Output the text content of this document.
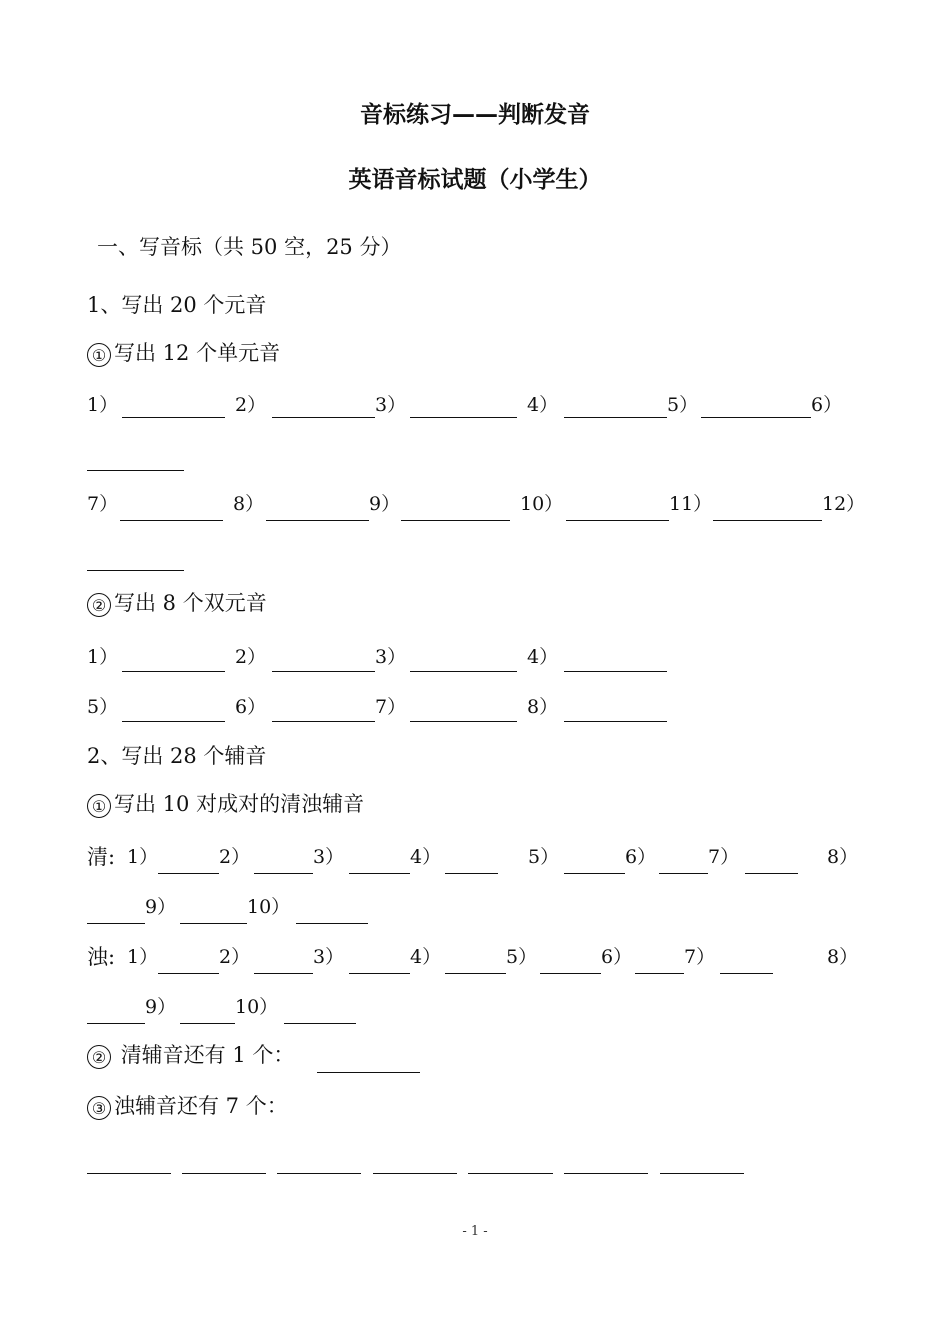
音标练习——判断发音
英语音标试题（小学生）
一、写音标（共 50 空，25 分）
1、写出 20 个元音
① 写出 12 个单元音
1）	2）	3）	4）	5）	6）
7）	8）	9）	10）	11）	12）
② 写出 8 个双元音
1）	2）	3）	4）
5）	6）	7）	8）
2、写出 28 个辅音
① 写出 10 对成对的清浊辅音
清: 1）	2）	3）	4）	5）	6）	7）	8）
9）	10）
浊: 1）	2）	3）	4）	5）	6）	7）	8）
9）	10）
② 清辅音还有 1 个：
③ 浊辅音还有 7 个：
- 1 -
